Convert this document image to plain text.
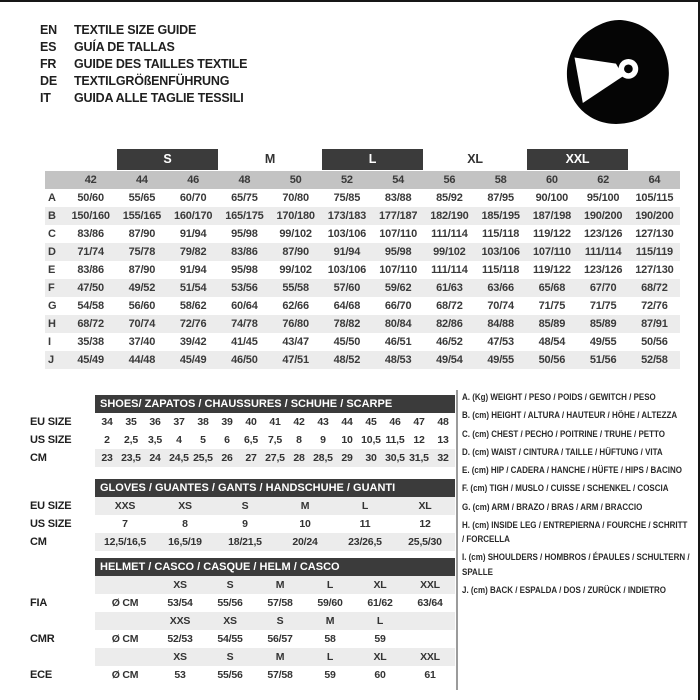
EN	TEXTILE SIZE GUIDE
ES	GUÍA DE TALLAS
FR	GUIDE DES TAILLES TEXTILE
DE	TEXTILGRÖßENFÜHRUNG
IT	GUIDA ALLE TAGLIE TESSILI

		S		M		L		XL		XXL		

	42	44	46	48	50	52	54	56	58	60	62	64
A	50/60	55/65	60/70	65/75	70/80	75/85	83/88	85/92	87/95	90/100	95/100	105/115
B	150/160	155/165	160/170	165/175	170/180	173/183	177/187	182/190	185/195	187/198	190/200	190/200
C	83/86	87/90	91/94	95/98	99/102	103/106	107/110	111/114	115/118	119/122	123/126	127/130
D	71/74	75/78	79/82	83/86	87/90	91/94	95/98	99/102	103/106	107/110	111/114	115/119
E	83/86	87/90	91/94	95/98	99/102	103/106	107/110	111/114	115/118	119/122	123/126	127/130
F	47/50	49/52	51/54	53/56	55/58	57/60	59/62	61/63	63/66	65/68	67/70	68/72
G	54/58	56/60	58/62	60/64	62/66	64/68	66/70	68/72	70/74	71/75	71/75	72/76
H	68/72	70/74	72/76	74/78	76/80	78/82	80/84	82/86	84/88	85/89	85/89	87/91
I	35/38	37/40	39/42	41/45	43/47	45/50	46/51	46/52	47/53	48/54	49/55	50/56
J	45/49	44/48	45/49	46/50	47/51	48/52	48/53	49/54	49/55	50/56	51/56	52/58
	SHOES/ ZAPATOS / CHAUSSURES / SCHUHE / SCARPE														
EU SIZE	34	35	36	37	38	39	40	41	42	43	44	45	46	47	48
US SIZE	2	2,5	3,5	4	5	6	6,5	7,5	8	9	10	10,5	11,5	12	13
CM	23	23,5	24	24,5	25,5	26	27	27,5	28	28,5	29	30	30,5	31,5	32
	GLOVES / GUANTES / GANTS / HANDSCHUHE / GUANTI					
EU SIZE	XXS	XS	S	M	L	XL
US SIZE	7	8	9	10	11	12
CM	12,5/16,5	16,5/19	18/21,5	20/24	23/26,5	25,5/30
	HELMET / CASCO / CASQUE / HELM / CASCO						
		XS	S	M	L	XL	XXL
FIA	Ø CM	53/54	55/56	57/58	59/60	61/62	63/64
		XXS	XS	S	M	L	
CMR	Ø CM	52/53	54/55	56/57	58	59	
		XS	S	M	L	XL	XXL
ECE	Ø CM	53	55/56	57/58	59	60	61

A. (Kg) WEIGHT / PESO / POIDS / GEWITCH / PESO

B. (cm) HEIGHT / ALTURA / HAUTEUR / HÖHE / ALTEZZA

C. (cm) CHEST / PECHO / POITRINE / TRUHE / PETTO

D. (cm) WAIST / CINTURA / TAILLE / HÜFTUNG / VITA

E. (cm) HIP / CADERA / HANCHE / HÜFTE / HIPS / BACINO

F. (cm) TIGH / MUSLO / CUISSE / SCHENKEL / COSCIA

G. (cm) ARM / BRAZO / BRAS / ARM / BRACCIO

H. (cm) INSIDE LEG / ENTREPIERNA / FOURCHE / SCHRITT / FORCELLA

I. (cm) SHOULDERS / HOMBROS / ÉPAULES / SCHULTERN / SPALLE

J. (cm) BACK / ESPALDA / DOS / ZURÜCK / INDIETRO
